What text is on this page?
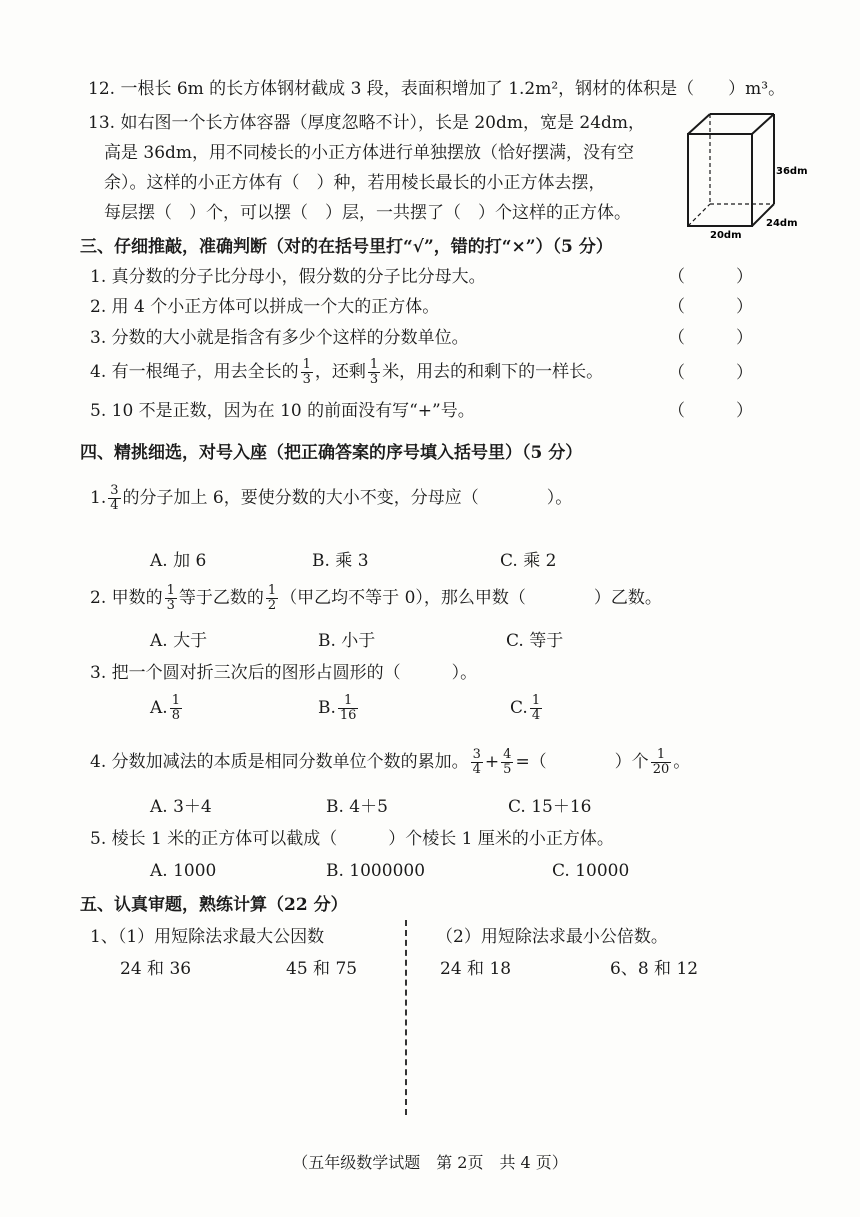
12. 一根长 6m 的长方体钢材截成 3 段，表面积增加了 1.2m²，钢材的体积是（　　）m³。
13. 如右图一个长方体容器（厚度忽略不计），长是 20dm，宽是 24dm，
高是 36dm，用不同棱长的小正方体进行单独摆放（恰好摆满，没有空
余）。这样的小正方体有（　）种，若用棱长最长的小正方体去摆，
每层摆（　）个，可以摆（　）层，一共摆了（　）个这样的正方体。
36dm
24dm
20dm
三、仔细推敲，准确判断（对的在括号里打“√”，错的打“×”）（5 分）
1. 真分数的分子比分母小，假分数的分子比分母大。	（　　　）
2. 用 4 个小正方体可以拼成一个大的正方体。	（　　　）
3. 分数的大小就是指含有多少个这样的分数单位。	（　　　）
4. 有一根绳子，用去全长的 $\frac{1}{3}$ ，还剩 $\frac{1}{3}$ 米，用去的和剩下的一样长。	（　　　）
5. 10 不是正数，因为在 10 的前面没有写“+”号。	（　　　）
四、精挑细选，对号入座（把正确答案的序号填入括号里）（5 分）
1. $\frac{3}{4}$ 的分子加上 6，要使分数的大小不变，分母应（　　　　）。
A. 加 6	B. 乘 3	C. 乘 2
2. 甲数的 $\frac{1}{3}$ 等于乙数的 $\frac{1}{2}$ （甲乙均不等于 0），那么甲数（　　　　）乙数。
A. 大于	B. 小于	C. 等于
3. 把一个圆对折三次后的图形占圆形的（　　　）。
A. $\frac{1}{8}$	B. $\frac{1}{16}$	C. $\frac{1}{4}$
4. 分数加减法的本质是相同分数单位个数的累加。 $\frac{3}{4} + \frac{4}{5}$ =（　　　　）个 $\frac{1}{20}$ 。
A. 3＋4	B. 4＋5	C. 15＋16
5. 棱长 1 米的正方体可以截成（　　　）个棱长 1 厘米的小正方体。
A. 1000	B. 1000000	C. 10000
五、认真审题，熟练计算（22 分）
1、（1）用短除法求最大公因数
24 和 36	45 和 75
（2）用短除法求最小公倍数。
24 和 18	6、8 和 12
（五年级数学试题　第 2页　共 4 页）
